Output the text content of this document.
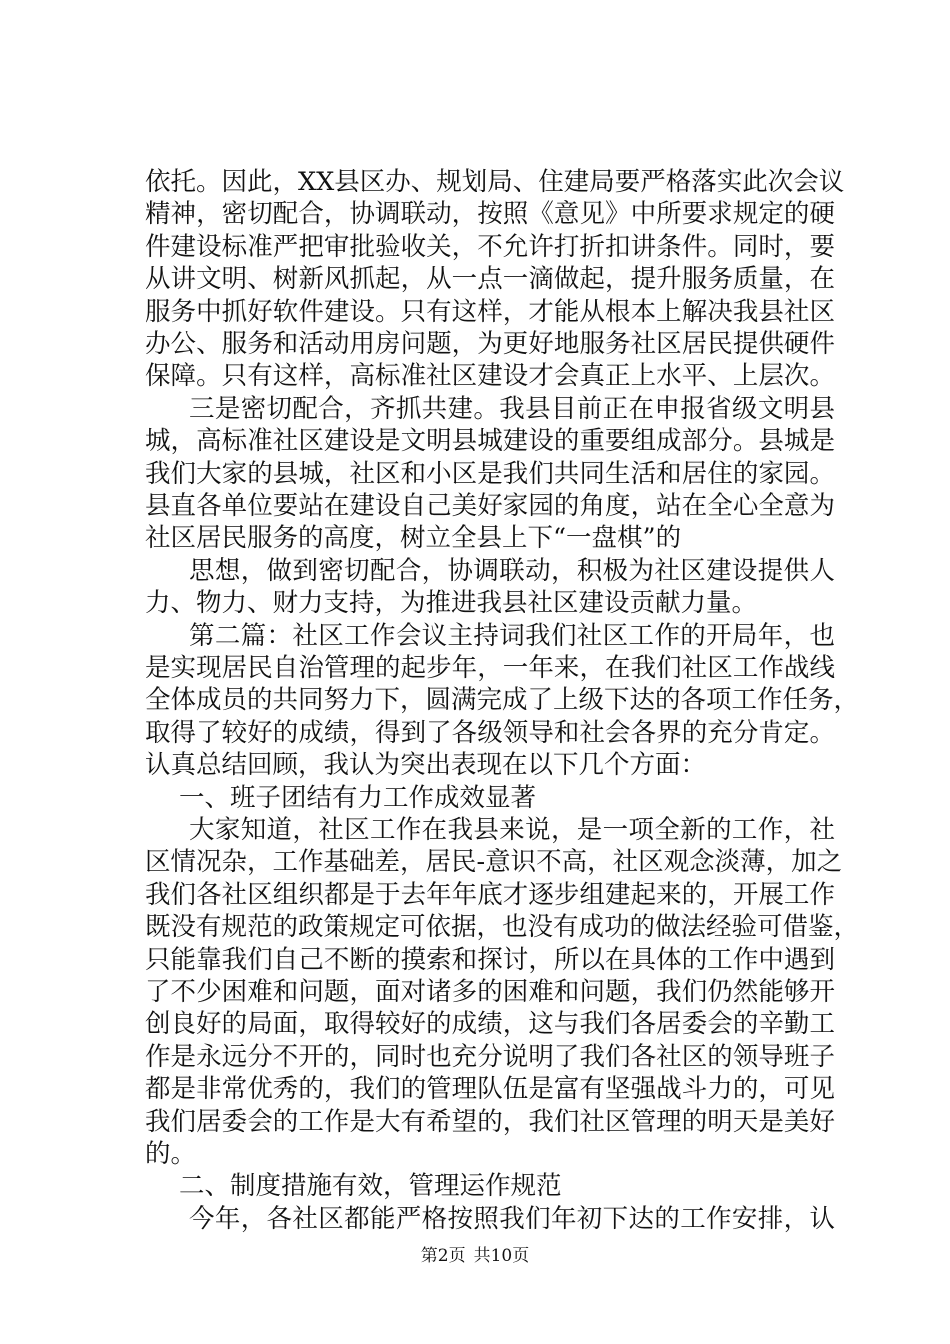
依托。因此，XX县区办、规划局、住建局要严格落实此次会议
精神，密切配合，协调联动，按照《意见》中所要求规定的硬
件建设标准严把审批验收关，不允许打折扣讲条件。同时，要
从讲文明、树新风抓起，从一点一滴做起，提升服务质量，在
服务中抓好软件建设。只有这样，才能从根本上解决我县社区
办公、服务和活动用房问题，为更好地服务社区居民提供硬件
保障。只有这样，高标准社区建设才会真正上水平、上层次。
三是密切配合，齐抓共建。我县目前正在申报省级文明县
城，高标准社区建设是文明县城建设的重要组成部分。县城是
我们大家的县城，社区和小区是我们共同生活和居住的家园。
县直各单位要站在建设自己美好家园的角度，站在全心全意为
社区居民服务的高度，树立全县上下“一盘棋”的
思想，做到密切配合，协调联动，积极为社区建设提供人
力、物力、财力支持，为推进我县社区建设贡献力量。
第二篇：社区工作会议主持词我们社区工作的开局年，也
是实现居民自治管理的起步年，一年来，在我们社区工作战线
全体成员的共同努力下，圆满完成了上级下达的各项工作任务，
取得了较好的成绩，得到了各级领导和社会各界的充分肯定。
认真总结回顾，我认为突出表现在以下几个方面：
一、班子团结有力工作成效显著
大家知道，社区工作在我县来说，是一项全新的工作，社
区情况杂，工作基础差，居民-意识不高，社区观念淡薄，加之
我们各社区组织都是于去年年底才逐步组建起来的，开展工作
既没有规范的政策规定可依据，也没有成功的做法经验可借鉴，
只能靠我们自己不断的摸索和探讨，所以在具体的工作中遇到
了不少困难和问题，面对诸多的困难和问题，我们仍然能够开
创良好的局面，取得较好的成绩，这与我们各居委会的辛勤工
作是永远分不开的，同时也充分说明了我们各社区的领导班子
都是非常优秀的，我们的管理队伍是富有坚强战斗力的，可见
我们居委会的工作是大有希望的，我们社区管理的明天是美好
的。
二、制度措施有效，管理运作规范
今年，各社区都能严格按照我们年初下达的工作安排，认
第2页 共10页
